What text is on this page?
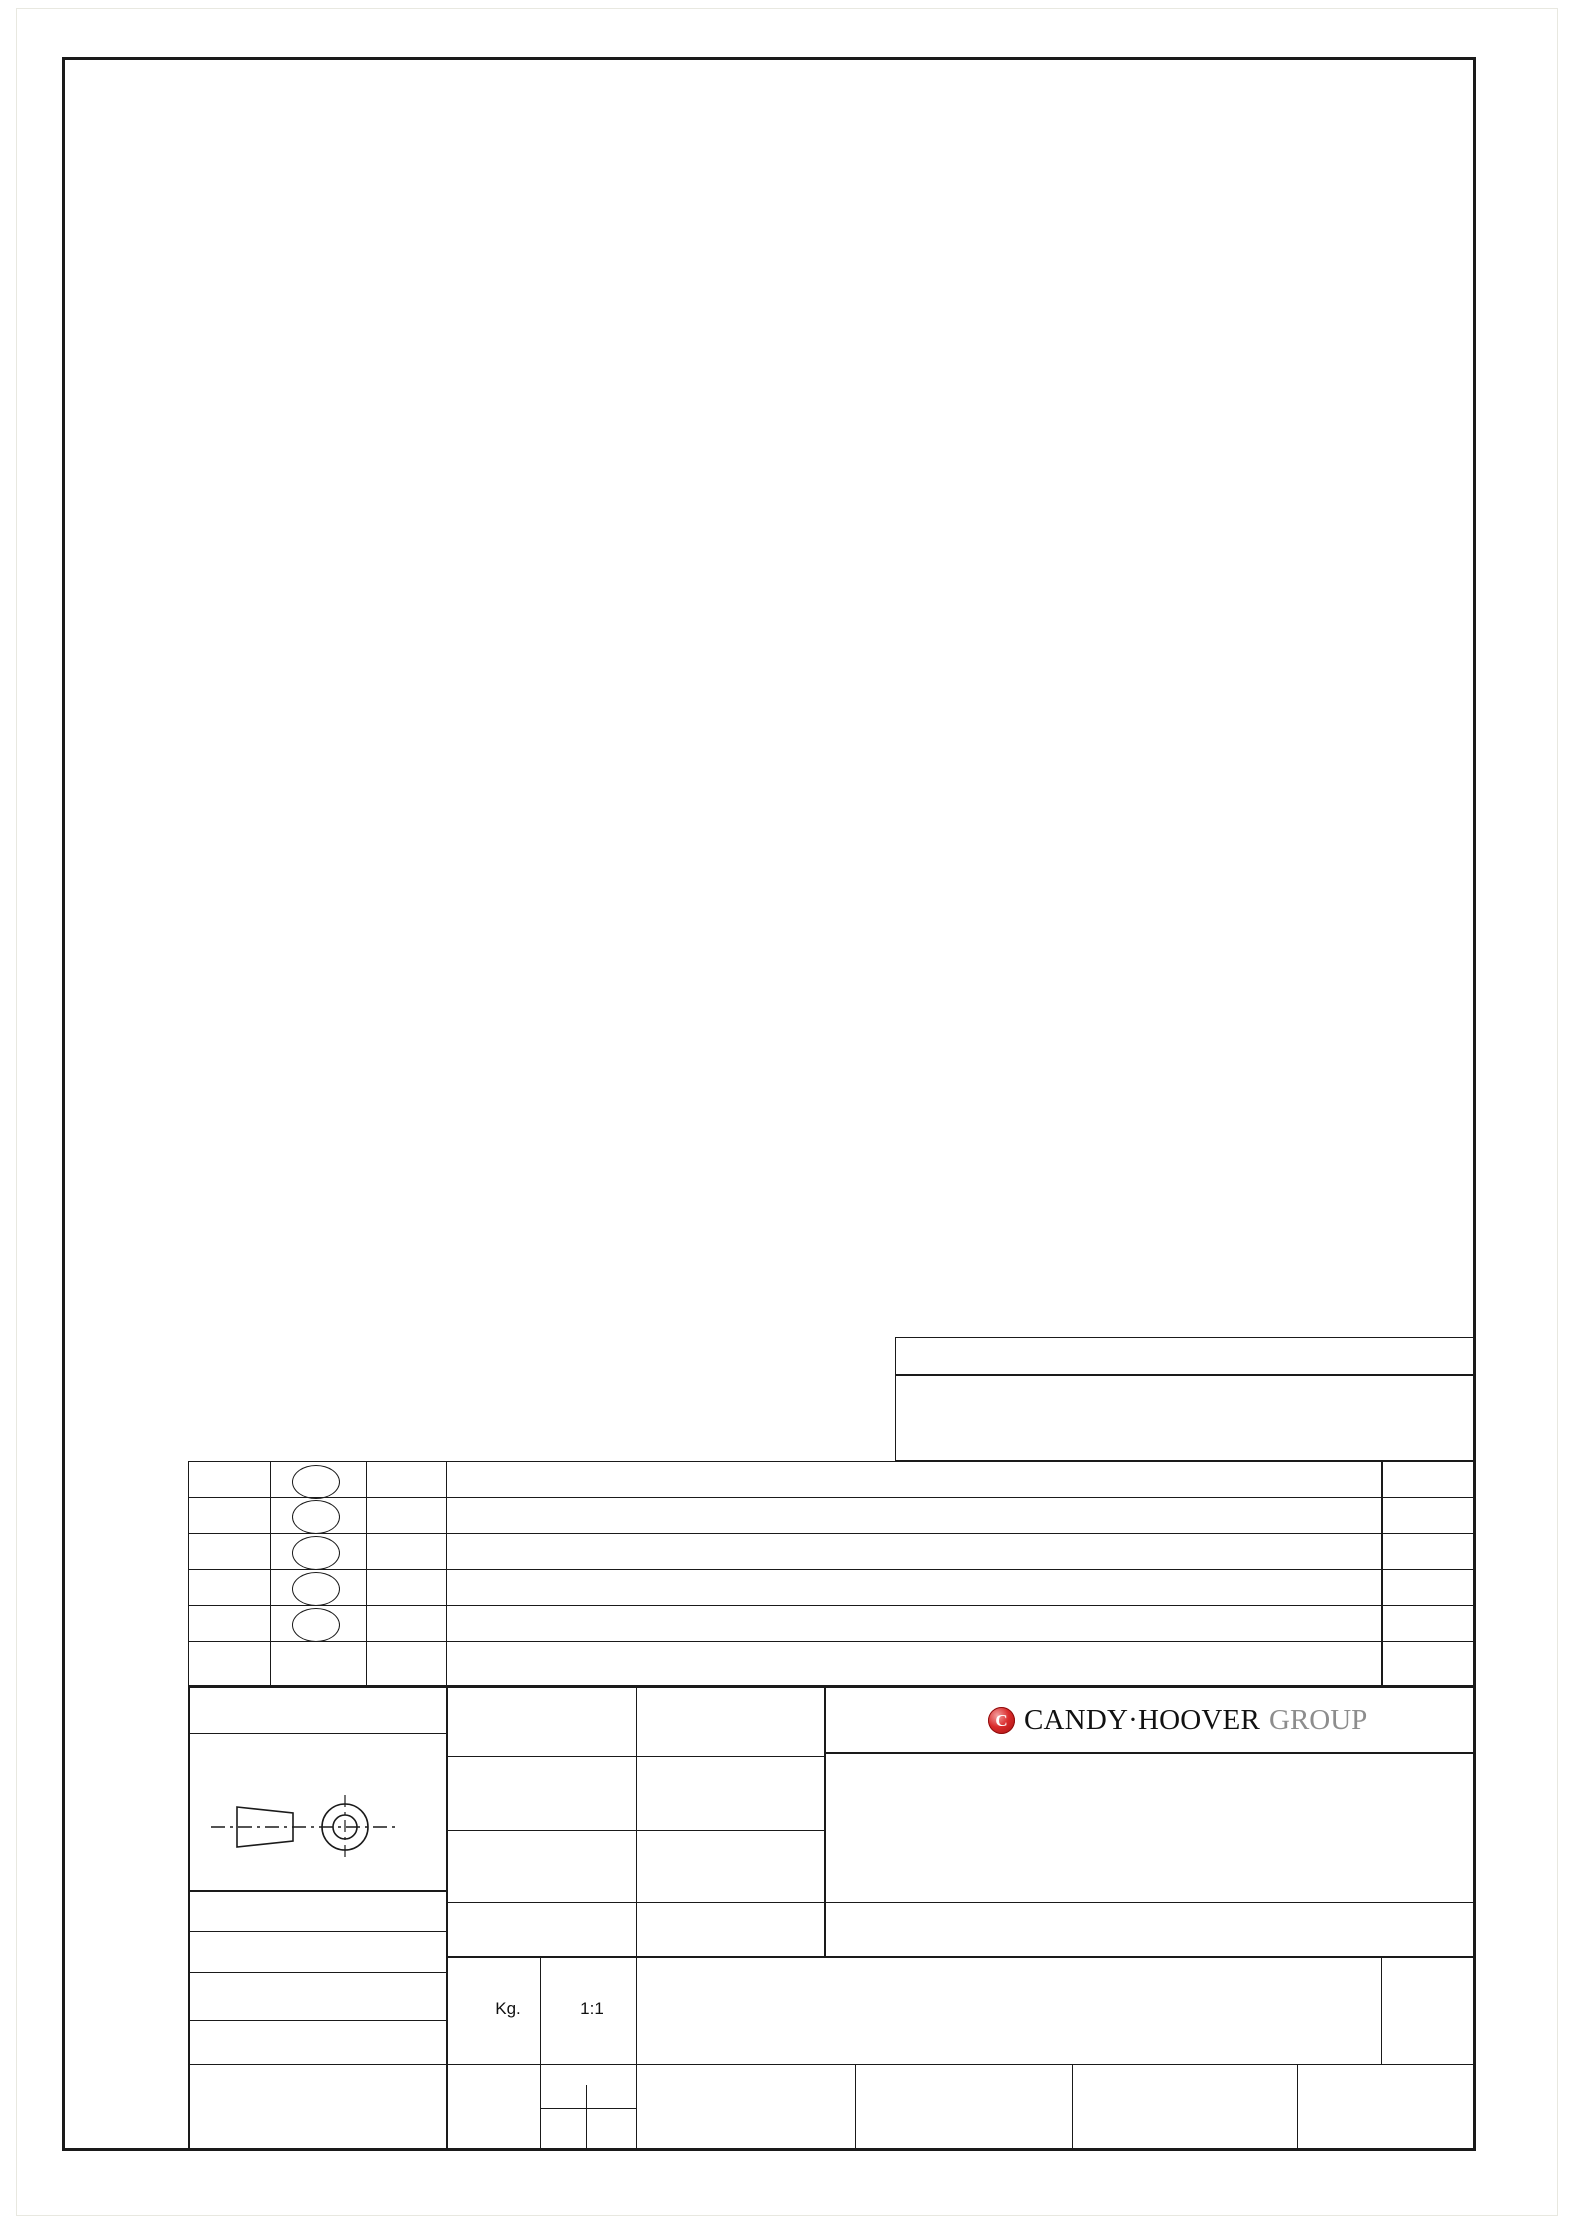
C
CANDY·HOOVER GROUP
Kg.	1:1
